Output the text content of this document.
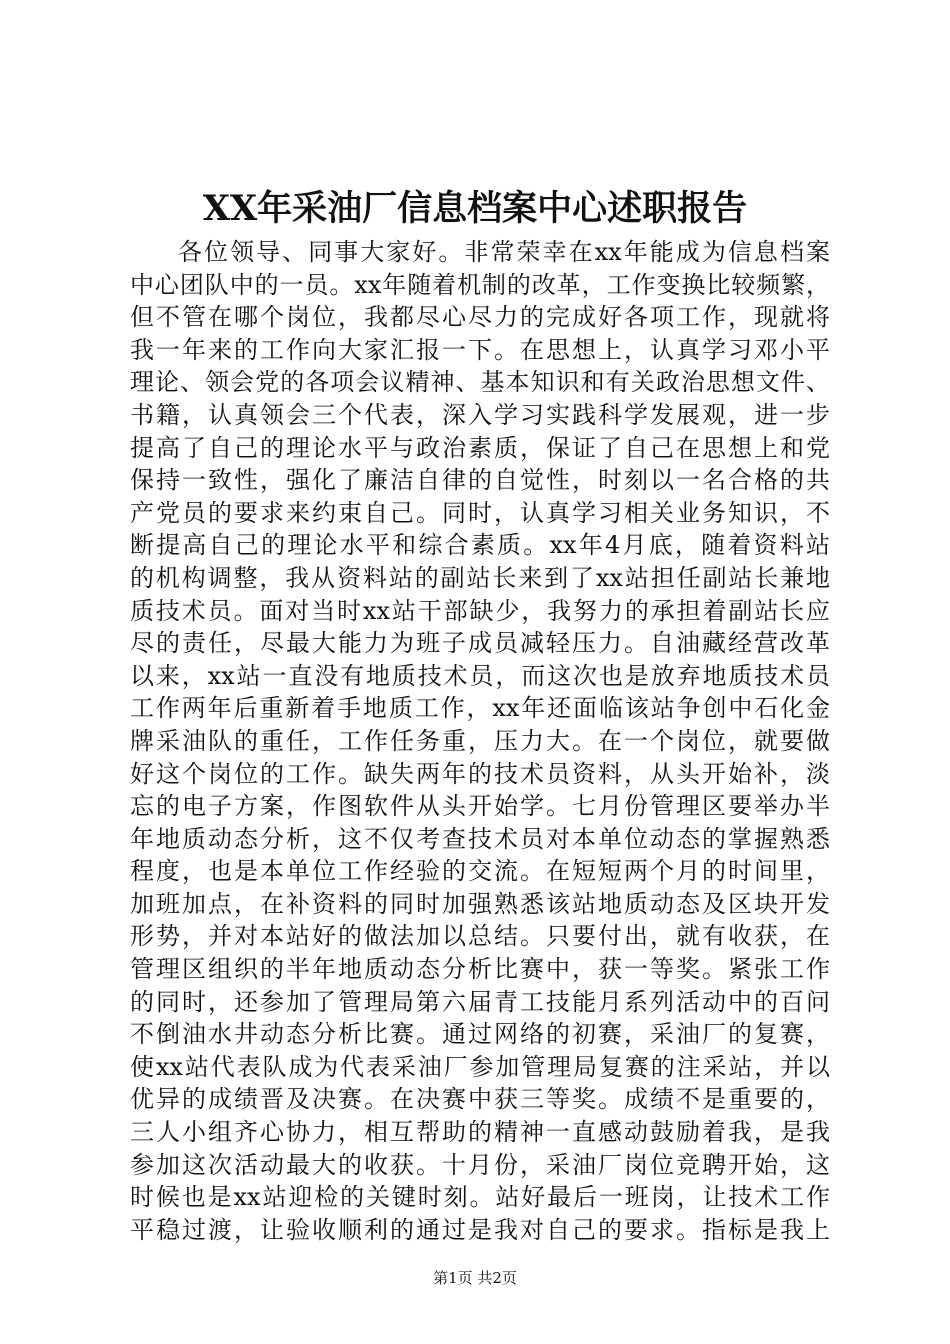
XX年采油厂信息档案中心述职报告
各位领导、同事大家好。非常荣幸在xx年能成为信息档案
中心团队中的一员。xx年随着机制的改革，工作变换比较频繁，
但不管在哪个岗位，我都尽心尽力的完成好各项工作，现就将
我一年来的工作向大家汇报一下。在思想上，认真学习邓小平
理论、领会党的各项会议精神、基本知识和有关政治思想文件、
书籍，认真领会三个代表，深入学习实践科学发展观，进一步
提高了自己的理论水平与政治素质，保证了自己在思想上和党
保持一致性，强化了廉洁自律的自觉性，时刻以一名合格的共
产党员的要求来约束自己。同时，认真学习相关业务知识，不
断提高自己的理论水平和综合素质。xx年4月底，随着资料站
的机构调整，我从资料站的副站长来到了xx站担任副站长兼地
质技术员。面对当时xx站干部缺少，我努力的承担着副站长应
尽的责任，尽最大能力为班子成员减轻压力。自油藏经营改革
以来，xx站一直没有地质技术员，而这次也是放弃地质技术员
工作两年后重新着手地质工作，xx年还面临该站争创中石化金
牌采油队的重任，工作任务重，压力大。在一个岗位，就要做
好这个岗位的工作。缺失两年的技术员资料，从头开始补，淡
忘的电子方案，作图软件从头开始学。七月份管理区要举办半
年地质动态分析，这不仅考查技术员对本单位动态的掌握熟悉
程度，也是本单位工作经验的交流。在短短两个月的时间里，
加班加点，在补资料的同时加强熟悉该站地质动态及区块开发
形势，并对本站好的做法加以总结。只要付出，就有收获，在
管理区组织的半年地质动态分析比赛中，获一等奖。紧张工作
的同时，还参加了管理局第六届青工技能月系列活动中的百问
不倒油水井动态分析比赛。通过网络的初赛，采油厂的复赛，
使xx站代表队成为代表采油厂参加管理局复赛的注采站，并以
优异的成绩晋及决赛。在决赛中获三等奖。成绩不是重要的，
三人小组齐心协力，相互帮助的精神一直感动鼓励着我，是我
参加这次活动最大的收获。十月份，采油厂岗位竞聘开始，这
时候也是xx站迎检的关键时刻。站好最后一班岗，让技术工作
平稳过渡，让验收顺利的通过是我对自己的要求。指标是我上
第1页 共2页
